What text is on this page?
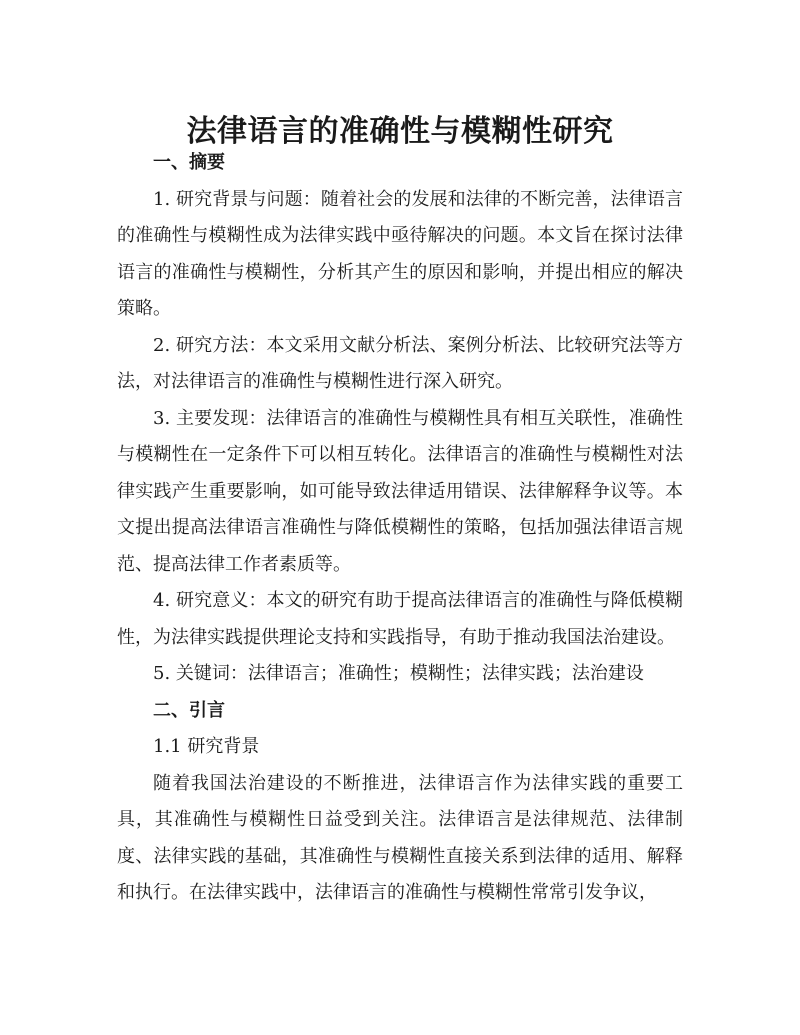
法律语言的准确性与模糊性研究
一、摘要

1. 研究背景与问题：随着社会的发展和法律的不断完善，法律语言的准确性与模糊性成为法律实践中亟待解决的问题。本文旨在探讨法律语言的准确性与模糊性，分析其产生的原因和影响，并提出相应的解决策略。

2. 研究方法：本文采用文献分析法、案例分析法、比较研究法等方法，对法律语言的准确性与模糊性进行深入研究。

3. 主要发现：法律语言的准确性与模糊性具有相互关联性，准确性与模糊性在一定条件下可以相互转化。法律语言的准确性与模糊性对法律实践产生重要影响，如可能导致法律适用错误、法律解释争议等。本文提出提高法律语言准确性与降低模糊性的策略，包括加强法律语言规范、提高法律工作者素质等。

4. 研究意义：本文的研究有助于提高法律语言的准确性与降低模糊性，为法律实践提供理论支持和实践指导，有助于推动我国法治建设。

5. 关键词：法律语言；准确性；模糊性；法律实践；法治建设

二、引言

1.1 研究背景

随着我国法治建设的不断推进，法律语言作为法律实践的重要工具，其准确性与模糊性日益受到关注。法律语言是法律规范、法律制度、法律实践的基础，其准确性与模糊性直接关系到法律的适用、解释和执行。在法律实践中，法律语言的准确性与模糊性常常引发争议，
